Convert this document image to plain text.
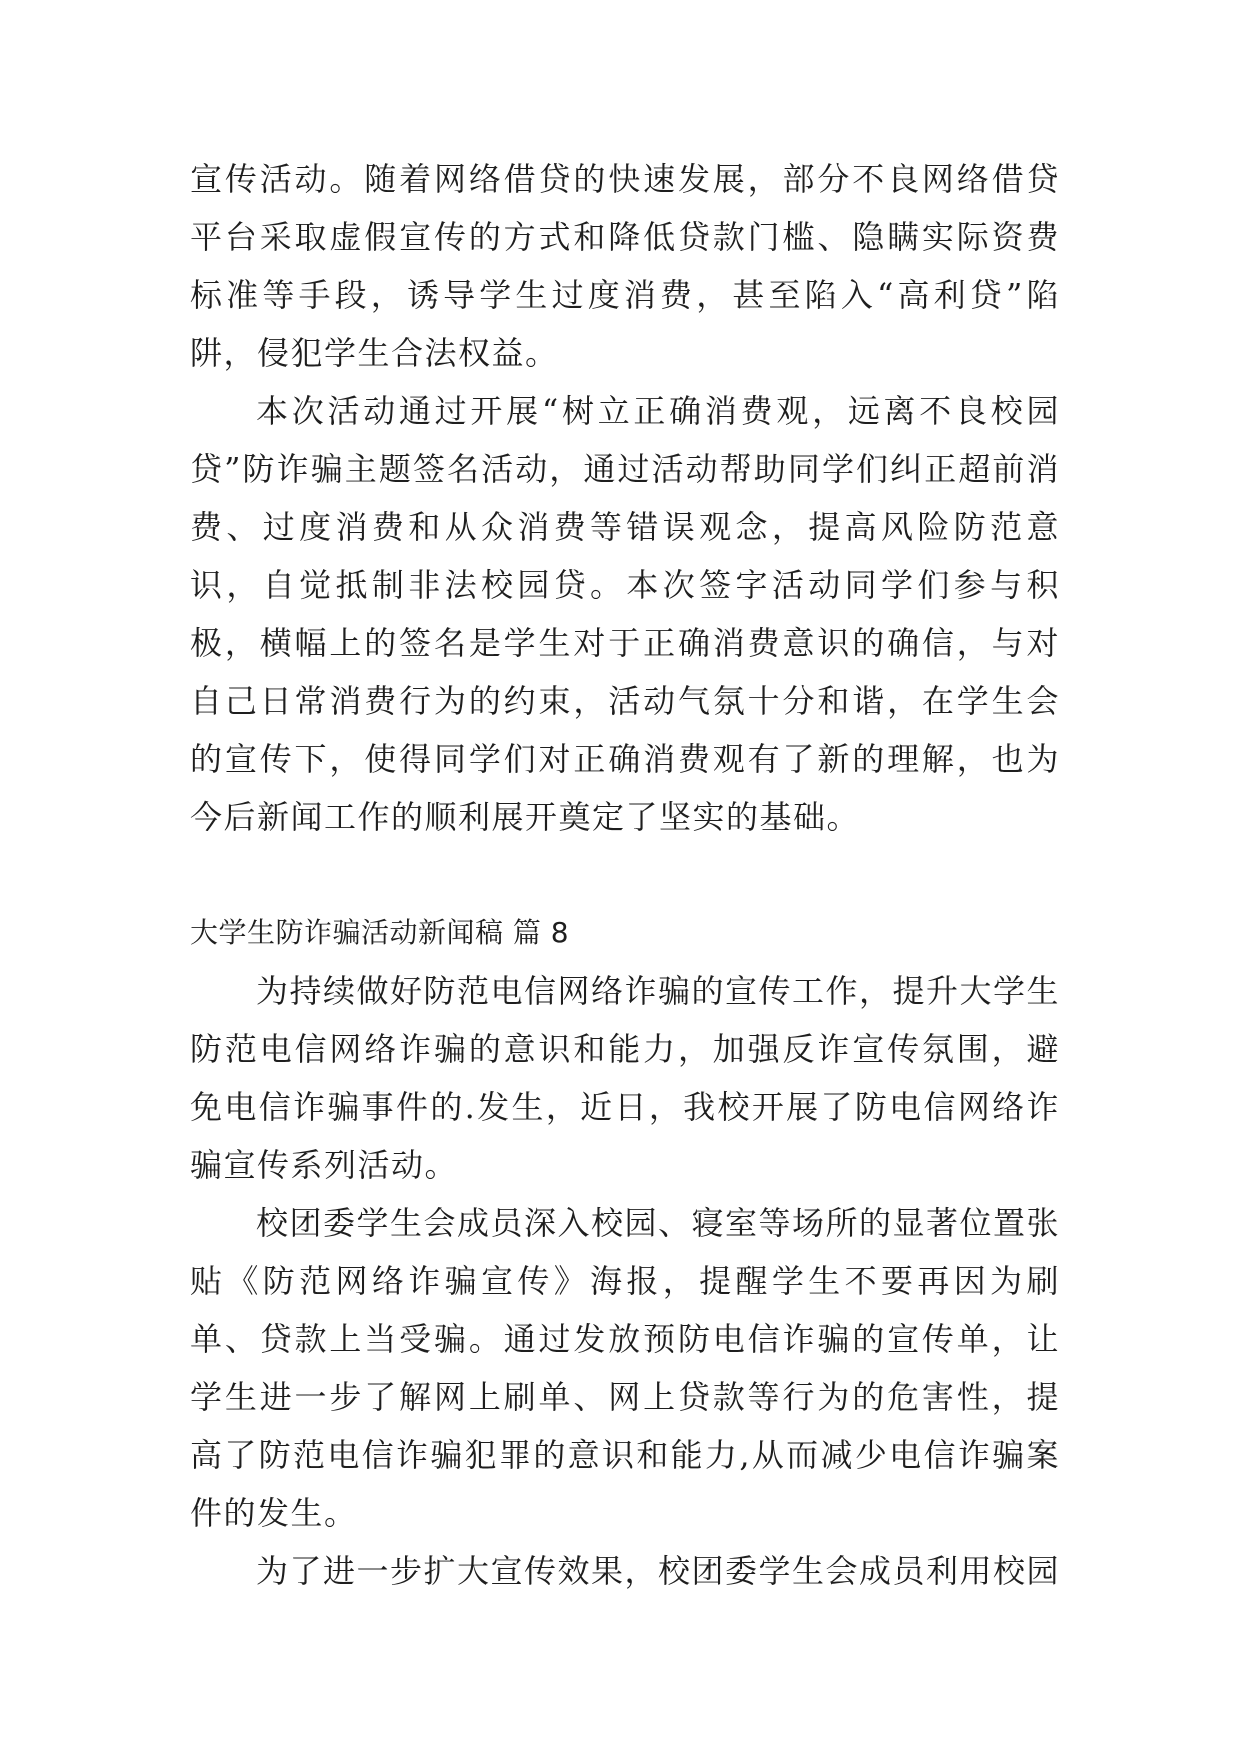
宣传活动。随着网络借贷的快速发展，部分不良网络借贷平台采取虚假宣传的方式和降低贷款门槛、隐瞒实际资费标准等手段，诱导学生过度消费，甚至陷入“高利贷”陷阱，侵犯学生合法权益。

本次活动通过开展“树立正确消费观，远离不良校园贷”防诈骗主题签名活动，通过活动帮助同学们纠正超前消费、过度消费和从众消费等错误观念，提高风险防范意识，自觉抵制非法校园贷。本次签字活动同学们参与积极，横幅上的签名是学生对于正确消费意识的确信，与对自己日常消费行为的约束，活动气氛十分和谐，在学生会的宣传下，使得同学们对正确消费观有了新的理解，也为今后新闻工作的顺利展开奠定了坚实的基础。

大学生防诈骗活动新闻稿 篇 8

为持续做好防范电信网络诈骗的宣传工作，提升大学生防范电信网络诈骗的意识和能力，加强反诈宣传氛围，避免电信诈骗事件的.发生，近日，我校开展了防电信网络诈骗宣传系列活动。

校团委学生会成员深入校园、寝室等场所的显著位置张贴《防范网络诈骗宣传》海报，提醒学生不要再因为刷单、贷款上当受骗。通过发放预防电信诈骗的宣传单，让学生进一步了解网上刷单、网上贷款等行为的危害性，提高了防范电信诈骗犯罪的意识和能力,从而减少电信诈骗案件的发生。

为了进一步扩大宣传效果，校团委学生会成员利用校园
